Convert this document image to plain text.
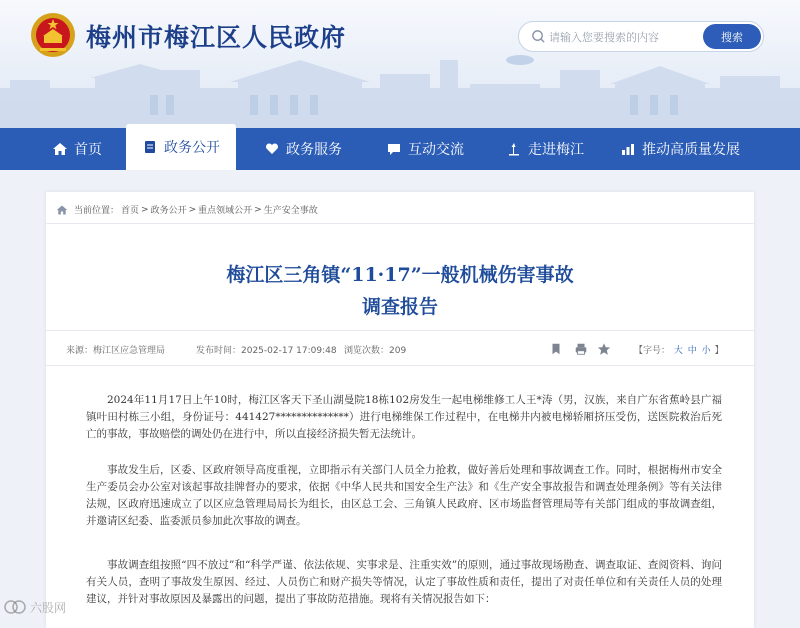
梅州市梅江区人民政府
请输入您要搜索的内容	搜索
首页	政务公开	政务服务	互动交流	走进梅江	推动高质量发展
当前位置： 首页 > 政务公开 > 重点领域公开 > 生产安全事故
梅江区三角镇“11·17”一般机械伤害事故
调查报告
来源：梅江区应急管理局	发布时间：2025-02-17 17:09:48 浏览次数：209	【字号： 大 中 小 】

2024年11月17日上午10时，梅江区客天下圣山湖曼院18栋102房发生一起电梯维修工人王*涛（男，汉族，来自广东省蕉岭县广福镇叶田村栋三小组，身份证号：441427**************）进行电梯维保工作过程中，在电梯井内被电梯轿厢挤压受伤，送医院救治后死亡的事故，事故赔偿的调处仍在进行中，所以直接经济损失暂无法统计。

事故发生后，区委、区政府领导高度重视，立即指示有关部门人员全力抢救，做好善后处理和事故调查工作。同时，根据梅州市安全生产委员会办公室对该起事故挂牌督办的要求，依据《中华人民共和国安全生产法》和《生产安全事故报告和调查处理条例》等有关法律法规，区政府迅速成立了以区应急管理局局长为组长，由区总工会、三角镇人民政府、区市场监督管理局等有关部门组成的事故调查组，并邀请区纪委、监委派员参加此次事故的调查。

事故调查组按照“四不放过”和“科学严谨、依法依规、实事求是、注重实效”的原则，通过事故现场勘查、调查取证、查阅资料、询问有关人员，查明了事故发生原因、经过、人员伤亡和财产损失等情况，认定了事故性质和责任，提出了对责任单位和有关责任人员的处理建议，并针对事故原因及暴露出的问题，提出了事故防范措施。现将有关情况报告如下：

六股网
